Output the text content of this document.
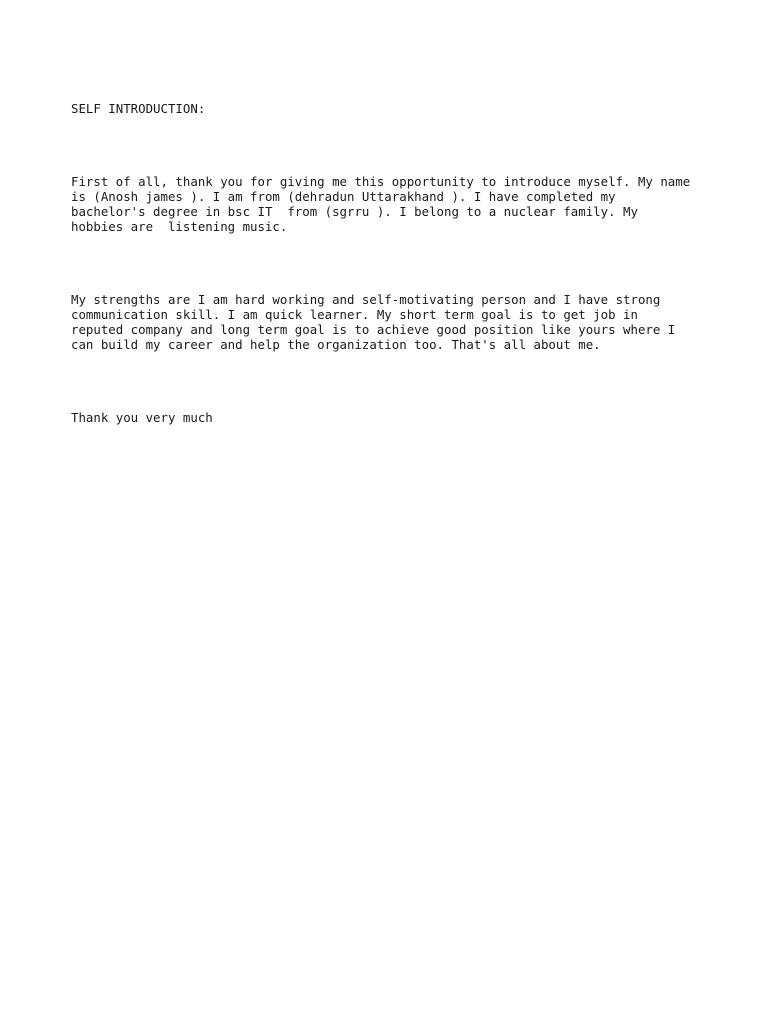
SELF INTRODUCTION:

First of all, thank you for giving me this opportunity to introduce myself. My name
is (Anosh james ). I am from (dehradun Uttarakhand ). I have completed my
bachelor's degree in bsc IT  from (sgrru ). I belong to a nuclear family. My
hobbies are  listening music.

My strengths are I am hard working and self-motivating person and I have strong
communication skill. I am quick learner. My short term goal is to get job in
reputed company and long term goal is to achieve good position like yours where I
can build my career and help the organization too. That's all about me.

Thank you very much
